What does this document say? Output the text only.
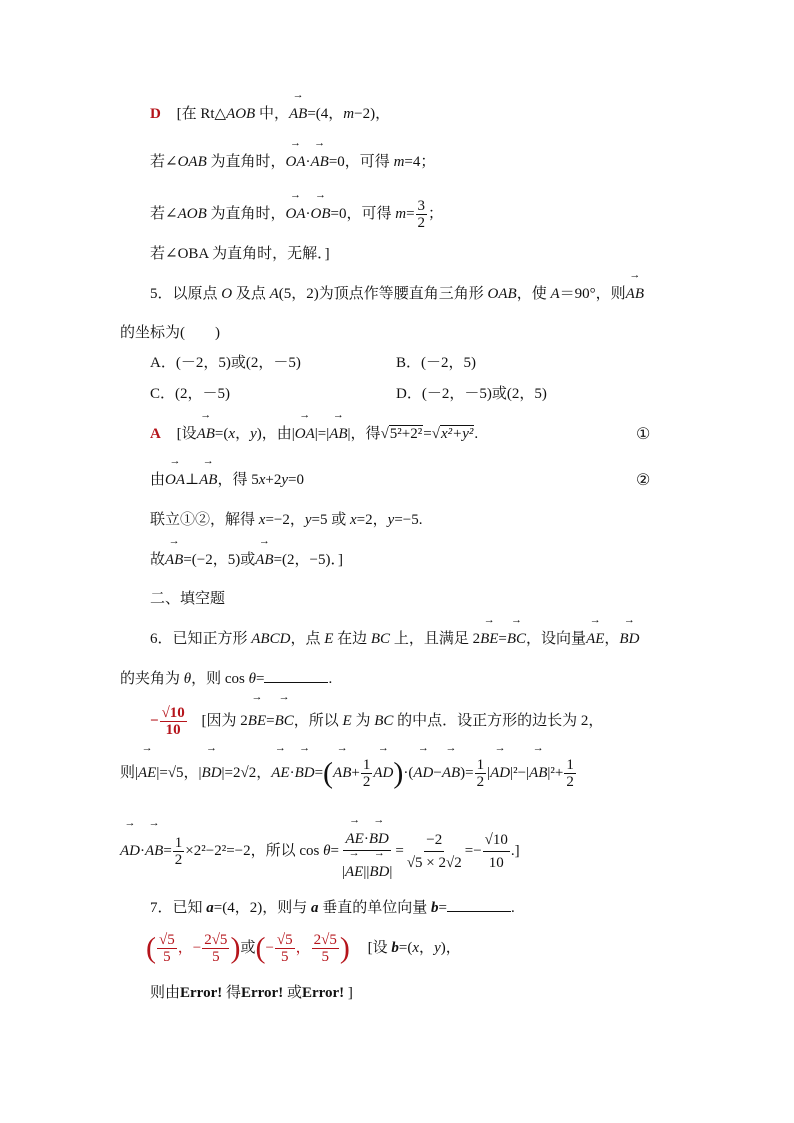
D [在 Rt△AOB 中，→ AB=(4，m−2)，
若∠OAB 为直角时，→ OA·→ AB=0，可得 m=4；
若∠AOB 为直角时，→ OA·→ OB=0，可得 $m= \frac{3}{2}$ ；
若∠OBA 为直角时，无解．]
5．以原点 O 及点 A(5，2)为顶点作等腰直角三角形 OAB，使 A＝90°，则→ AB
的坐标为(　　)
A．(－2，5)或(2，－5)	B．(－2，5)
C．(2，－5)	D．(－2，－5)或(2，5)
A [设→ AB=(x，y)，由|→ OA|=|→ AB|，得√5²+2²=√x²+y².	①
由→ OA⊥→ AB，得 5x+2y=0	②
联立①②，解得 x=−2，y=5 或 x=2，y=−5.
故→ AB=(−2，5)或→ AB=(2，−5)．]
二、填空题
6．已知正方形 ABCD，点 E 在边 BC 上，且满足 2→ BE=→ BC，设向量→ AE，→ BD
的夹角为 θ，则 cos θ=	.
− $\frac{√10}{10}$ [因为 2→ BE=→ BC，所以 E 为 BC 的中点．设正方形的边长为 2，
则|→ AE|=√5，|→ BD|=2√2，→ $AE\cdot\to BD=(\to AB+ \frac{1}{2}$
→ $AD)\cdot(\to AD-\to AB)= \frac{1}{2}$ |→ $AD|^2-|\to AB|^2+ \frac{1}{2}$
→ $AD\cdot\to AB= \frac{1}{2} \times 2^2-2^2=-2$，所以 cos θ=
→ $\frac{AE\cdot\to BD}{|\to AE||\to BD|} = \frac{-2}{√5 \times 2√2} =- \frac{√10}{10}$ .]
7．已知 a=(4，2)，则与 a 垂直的单位向量 b=	.
( $\frac{√5}{5}$ ，− $\frac{2√5}{5}$ )或(− $\frac{√5}{5}$ ， $\frac{2√5}{5}$ ) [设 b=(x，y)，
则由Error! 得Error! 或Error! ]
